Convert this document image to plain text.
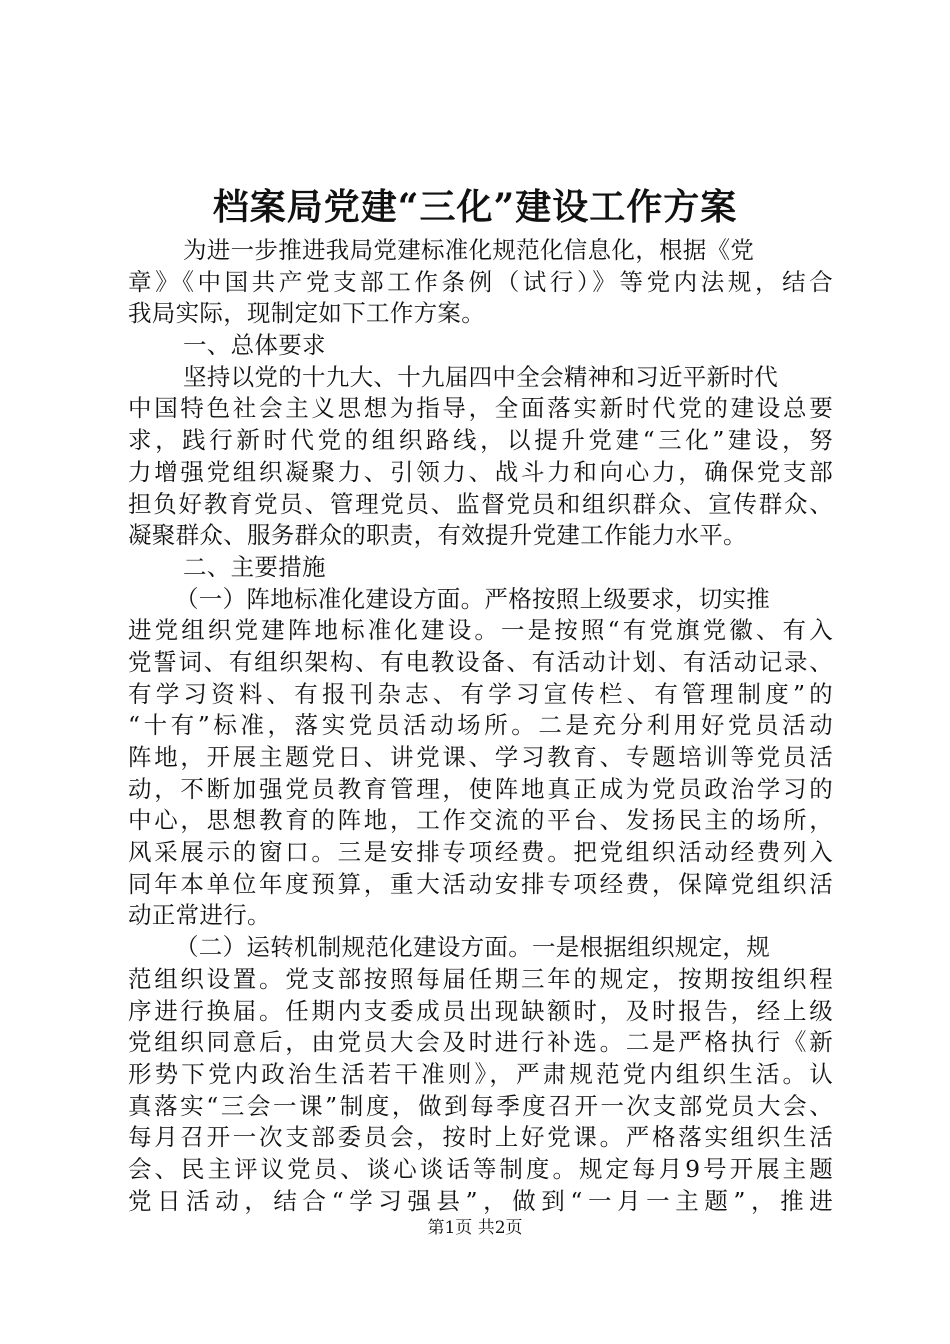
档案局党建“三化”建设工作方案
为进一步推进我局党建标准化规范化信息化，根据《党
章》《中国共产党支部工作条例（试行）》等党内法规，结合
我局实际，现制定如下工作方案。
一、总体要求
坚持以党的十九大、十九届四中全会精神和习近平新时代
中国特色社会主义思想为指导，全面落实新时代党的建设总要
求，践行新时代党的组织路线，以提升党建“三化”建设，努
力增强党组织凝聚力、引领力、战斗力和向心力，确保党支部
担负好教育党员、管理党员、监督党员和组织群众、宣传群众、
凝聚群众、服务群众的职责，有效提升党建工作能力水平。
二、主要措施
（一）阵地标准化建设方面。严格按照上级要求，切实推
进党组织党建阵地标准化建设。一是按照“有党旗党徽、有入
党誓词、有组织架构、有电教设备、有活动计划、有活动记录、
有学习资料、有报刊杂志、有学习宣传栏、有管理制度”的
“十有”标准，落实党员活动场所。二是充分利用好党员活动
阵地，开展主题党日、讲党课、学习教育、专题培训等党员活
动，不断加强党员教育管理，使阵地真正成为党员政治学习的
中心，思想教育的阵地，工作交流的平台、发扬民主的场所，
风采展示的窗口。三是安排专项经费。把党组织活动经费列入
同年本单位年度预算，重大活动安排专项经费，保障党组织活
动正常进行。
（二）运转机制规范化建设方面。一是根据组织规定，规
范组织设置。党支部按照每届任期三年的规定，按期按组织程
序进行换届。任期内支委成员出现缺额时，及时报告，经上级
党组织同意后，由党员大会及时进行补选。二是严格执行《新
形势下党内政治生活若干准则》，严肃规范党内组织生活。认
真落实“三会一课”制度，做到每季度召开一次支部党员大会、
每月召开一次支部委员会，按时上好党课。严格落实组织生活
会、民主评议党员、谈心谈话等制度。规定每月9号开展主题
党日活动，结合“学习强县”，做到“一月一主题”，推进
第1页 共2页
